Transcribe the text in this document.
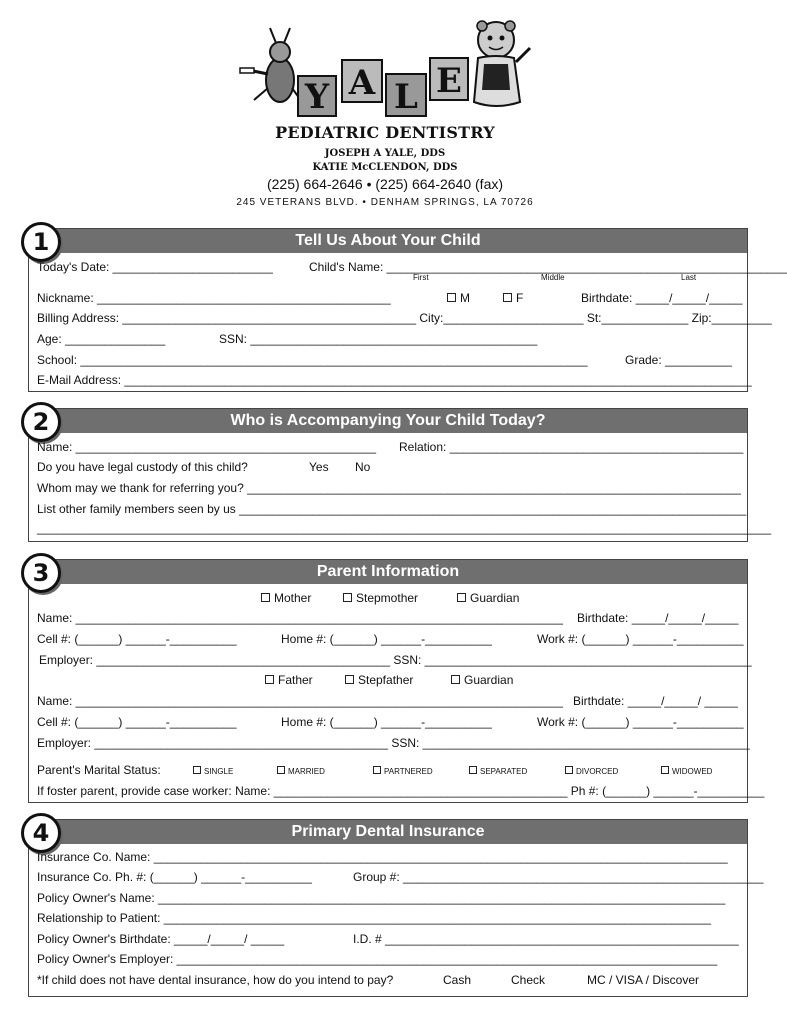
Y A L E
PEDIATRIC DENTISTRY
JOSEPH A YALE, DDS
KATIE McCLENDON, DDS
(225) 664-2646 • (225) 664-2640 (fax)
245 VETERANS BLVD. • DENHAM SPRINGS, LA 70726
Tell Us About Your Child
1
Today's Date: ________________________	Child's Name: ____________________________________________________________
First	Middle	Last
Nickname: ____________________________________________	M	F	Birthdate: _____/_____/_____
Billing Address: ____________________________________________ City:_____________________ St:_____________ Zip:_________
Age: _______________	SSN: ___________________________________________
School: ____________________________________________________________________________	Grade: __________
E-Mail Address: ______________________________________________________________________________________________
Who is Accompanying Your Child Today?
2
Name: _____________________________________________	Relation: ____________________________________________
Do you have legal custody of this child?	Yes No
Whom may we thank for referring you? __________________________________________________________________________
List other family members seen by us ____________________________________________________________________________
______________________________________________________________________________________________________________
Parent Information
3
Mother	Stepmother	Guardian
Name: _________________________________________________________________________ Birthdate: _____/_____/_____
Cell #: (______) ______-__________	Home #: (______) ______-__________	Work #: (______) ______-__________
Employer: ____________________________________________ SSN: _________________________________________________
Father	Stepfather	Guardian
Name: _________________________________________________________________________ Birthdate: _____/_____/ _____
Cell #: (______) ______-__________	Home #: (______) ______-__________	Work #: (______) ______-__________
Employer: ____________________________________________ SSN: _________________________________________________
Parent's Marital Status:	SINGLE	MARRIED	PARTNERED	SEPARATED	DIVORCED	WIDOWED
If foster parent, provide case worker: Name: ____________________________________________ Ph #: (______) ______-__________
Primary Dental Insurance
4
Insurance Co. Name: ______________________________________________________________________________________
Insurance Co. Ph. #: (______) ______-__________	Group #: ______________________________________________________
Policy Owner's Name: _____________________________________________________________________________________
Relationship to Patient: __________________________________________________________________________________
Policy Owner's Birthdate: _____/_____/ _____	I.D. # _____________________________________________________
Policy Owner's Employer: _________________________________________________________________________________
*If child does not have dental insurance, how do you intend to pay?	Cash	Check	MC / VISA / Discover
